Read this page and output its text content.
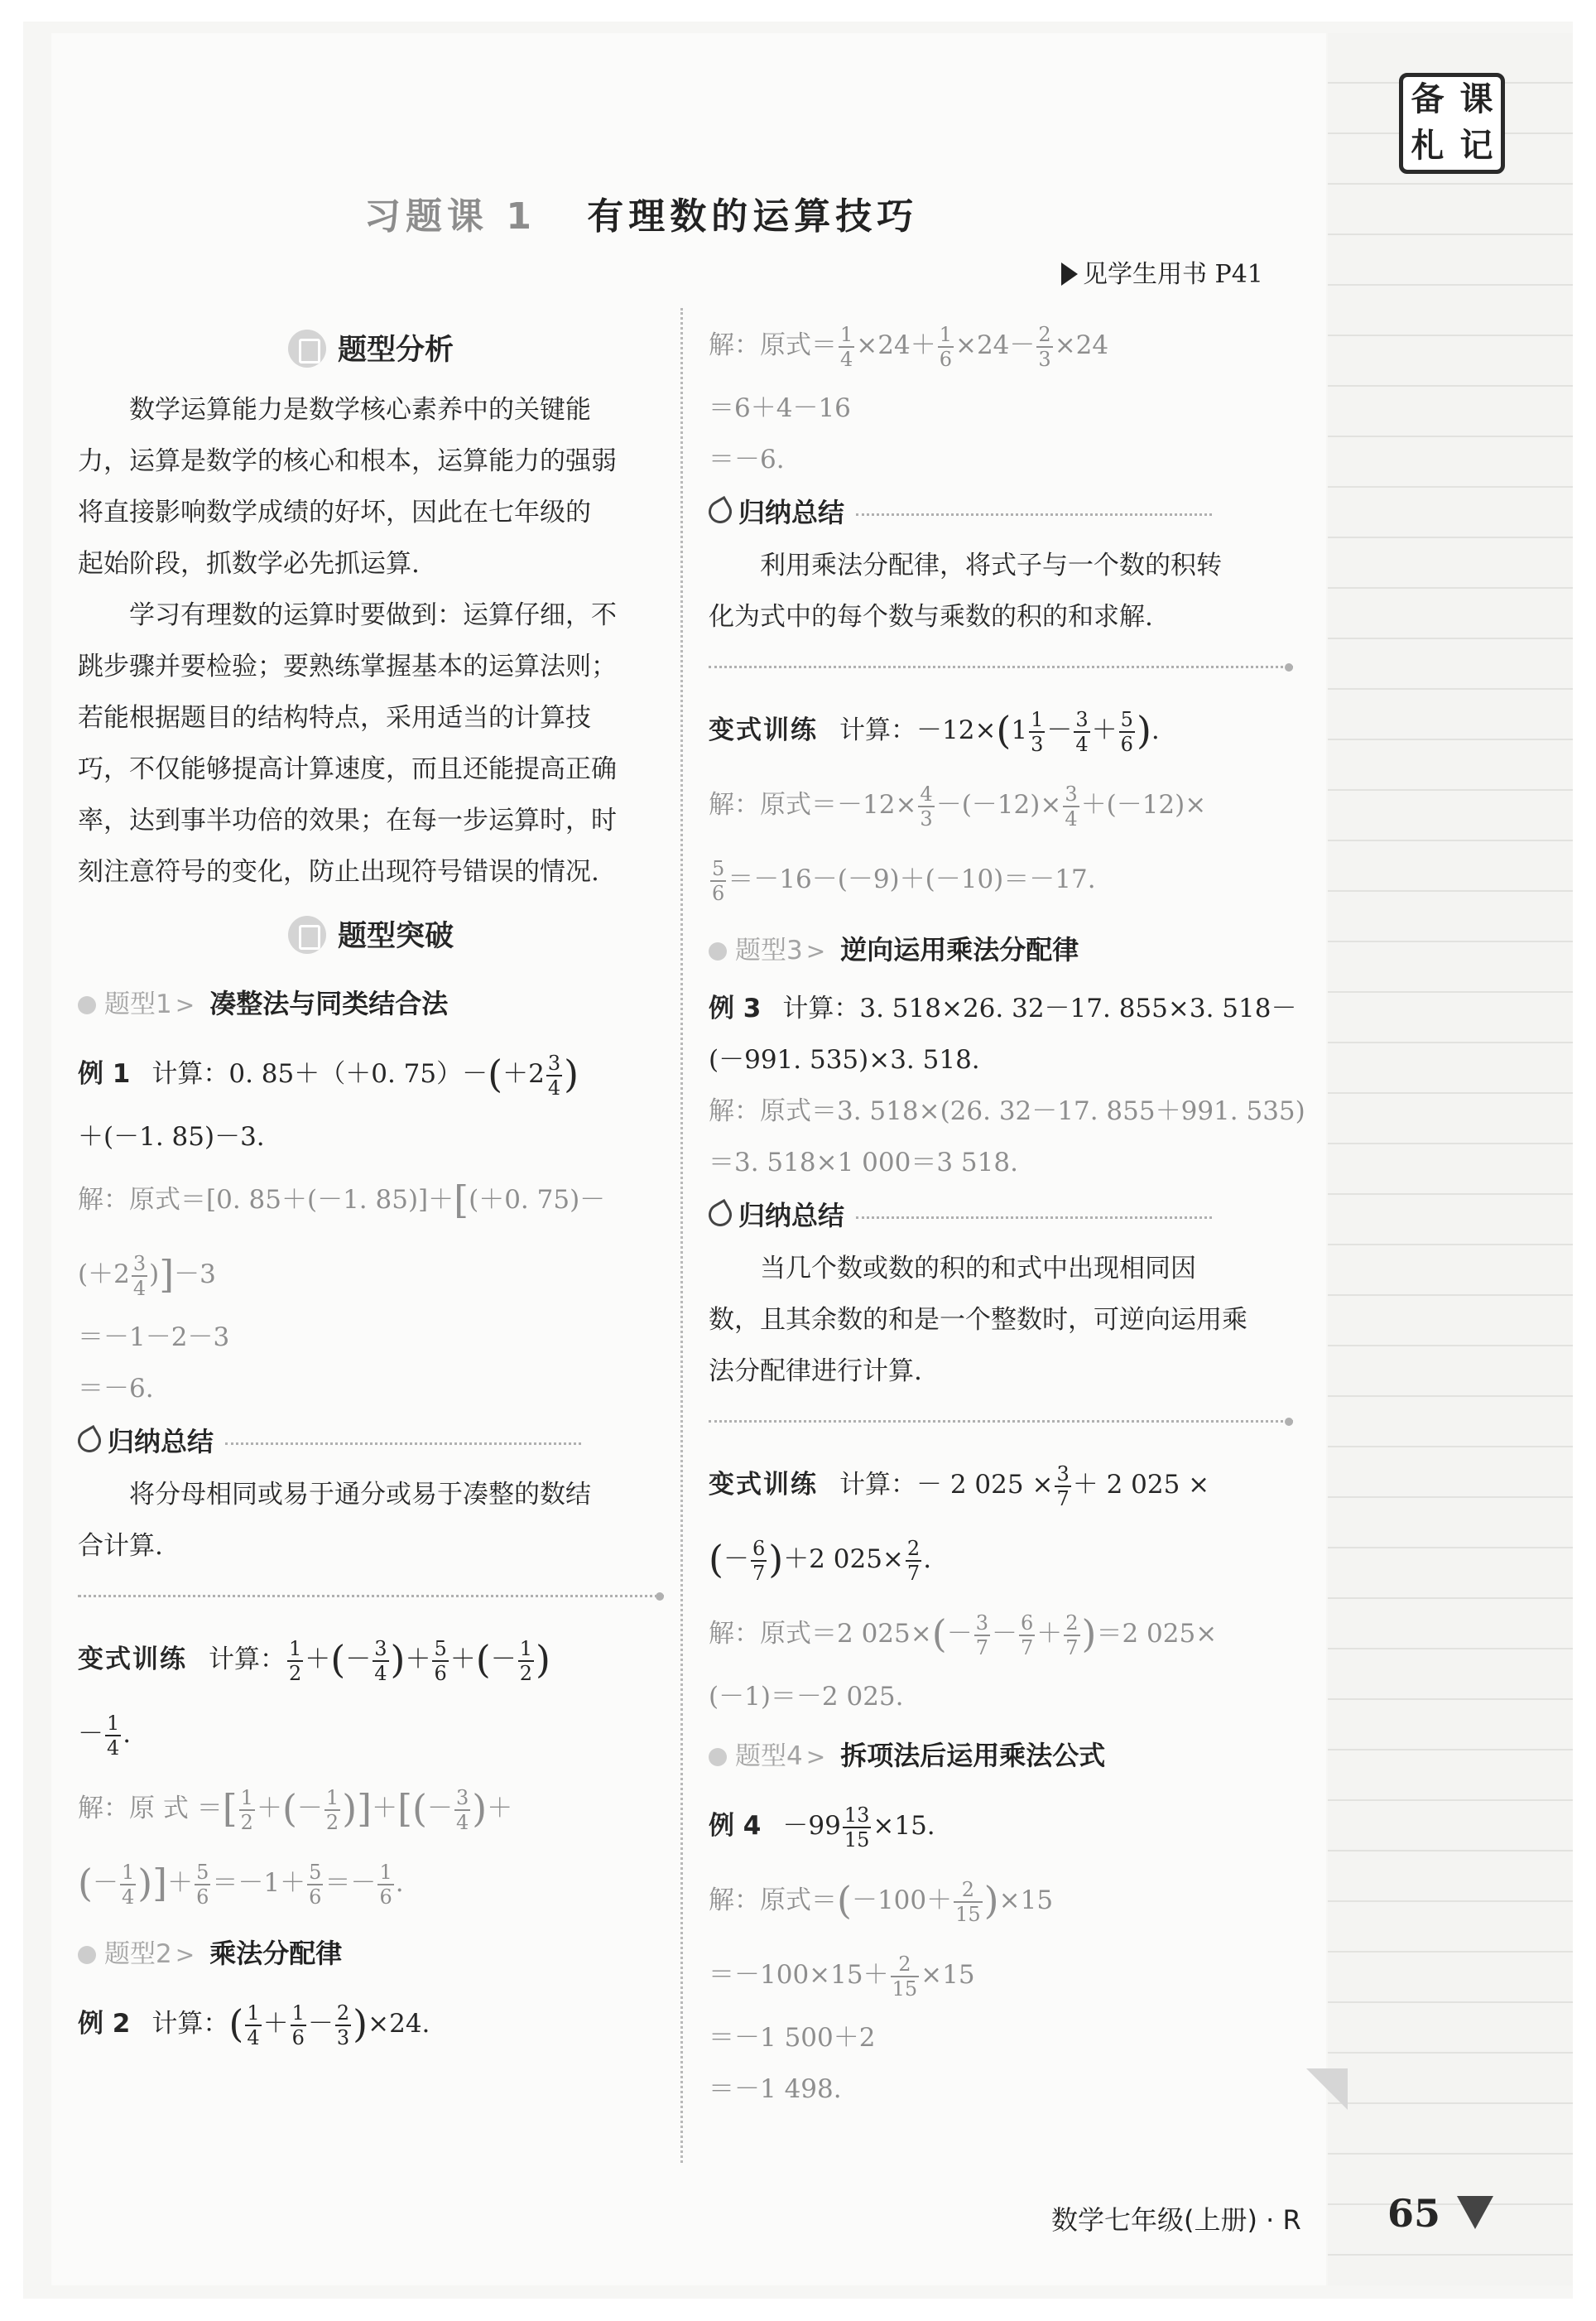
备 课
札 记
习题课 1 有理数的运算技巧
见学生用书 P41
题型分析
数学运算能力是数学核心素养中的关键能
力，运算是数学的核心和根本，运算能力的强弱
将直接影响数学成绩的好坏，因此在七年级的
起始阶段，抓数学必先抓运算.
学习有理数的运算时要做到：运算仔细，不
跳步骤并要检验；要熟练掌握基本的运算法则；
若能根据题目的结构特点，采用适当的计算技
巧，不仅能够提高计算速度，而且还能提高正确
率，达到事半功倍的效果；在每一步运算时，时
刻注意符号的变化，防止出现符号错误的情况.
题型突破
题型1 > 凑整法与同类结合法
例 1 计算：0. 85＋（＋0. $75)-(+2 \frac{3}{4}$ )
＋(－1. 85)－3.
解：原式＝[0. 85＋(－1. 85)]＋[(＋0. 75)－
$(+2 \frac{3}{4} )]-3$
＝－1－2－3
＝－6.
归纳总结
将分母相同或易于通分或易于凑整的数结
合计算.
变式训练 计算： $\frac{1}{2}$ ＋(－ $\frac{3}{4}$ )＋ $\frac{5}{6}$ ＋(－ $\frac{1}{2}$ )
－ $\frac{1}{4}$ .
解：原 式 ＝[ $\frac{1}{2}$ ＋(－ $\frac{1}{2}$ )]＋[(－ $\frac{3}{4}$ )＋
(－ $\frac{1}{4}$ )]＋ $\frac{5}{6} =-1+ \frac{5}{6} =- \frac{1}{6}$ .
题型2 > 乘法分配律
例 2 计算：( $\frac{1}{4} + \frac{1}{6} - \frac{2}{3} )\times 24$.
解：原式＝ $\frac{1}{4} \times 24+ \frac{1}{6} \times 24- \frac{2}{3} \times 24$
＝6＋4－16
＝－6.
归纳总结
利用乘法分配律，将式子与一个数的积转
化为式中的每个数与乘数的积的和求解.
变式训练 计算：$-12\times(1 \frac{1}{3} - \frac{3}{4} + \frac{5}{6}$ ).
解：原式$=-12\times \frac{4}{3} -(-12)\times \frac{3}{4} +(-12)\times$
$\frac{5}{6} =-16-(-9)+(-10)=-17$.
题型3 > 逆向运用乘法分配律
例 3 计算：3. 518×26. 32－17. 855×3. 518－
(－991. 535)×3. 518.
解：原式＝3. 518×(26. 32－17. 855＋991. 535)
＝3. 518×1 000＝3 518.
归纳总结
当几个数或数的积的和式中出现相同因
数，且其余数的和是一个整数时，可逆向运用乘
法分配律进行计算.
变式训练 计算：－ 2 $025 \times \frac{3}{7} + 2$ 025 ×
(－ $\frac{6}{7} )+2$ $025\times \frac{2}{7}$ .
解：原式＝2 $025\times(- \frac{3}{7} - \frac{6}{7} + \frac{2}{7} )=2$ 025×
(－1)＝－2 025.
题型4 > 拆项法后运用乘法公式
例 $4 -99 \frac{13}{15} \times 15$.
解：原式$=(-100+ \frac{2}{15} )\times 15$
$=-100\times 15+ \frac{2}{15} \times 15$
＝－1 500＋2
＝－1 498.
数学七年级(上册) · R 65
